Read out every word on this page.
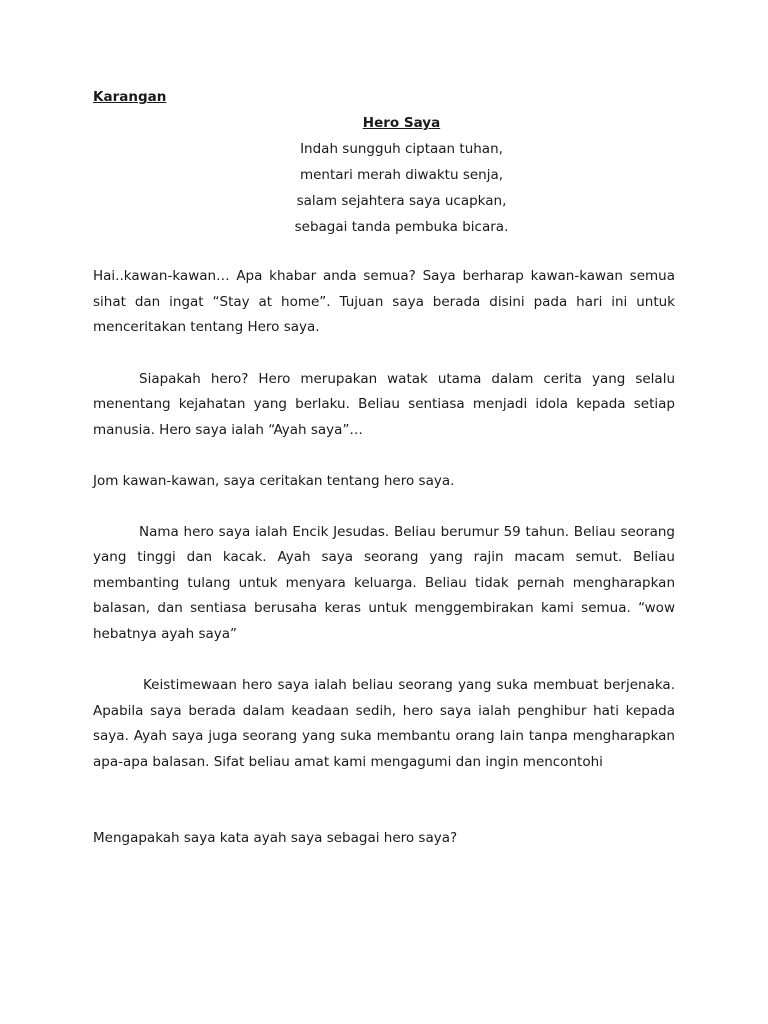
Karangan
Hero Saya
Indah sungguh ciptaan tuhan,
mentari merah diwaktu senja,
salam sejahtera saya ucapkan,
sebagai tanda pembuka bicara.

Hai..kawan-kawan… Apa khabar anda semua? Saya berharap kawan-kawan semua sihat dan ingat “Stay at home”. Tujuan saya berada disini pada hari ini untuk menceritakan tentang Hero saya.

Siapakah hero? Hero merupakan watak utama dalam cerita yang selalu menentang kejahatan yang berlaku. Beliau sentiasa menjadi idola kepada setiap manusia. Hero saya ialah “Ayah saya”…

Jom kawan-kawan, saya ceritakan tentang hero saya.

Nama hero saya ialah Encik Jesudas. Beliau berumur 59 tahun. Beliau seorang yang tinggi dan kacak. Ayah saya seorang yang rajin macam semut. Beliau membanting tulang untuk menyara keluarga. Beliau tidak pernah mengharapkan balasan, dan sentiasa berusaha keras untuk menggembirakan kami semua. “wow hebatnya ayah saya”

Keistimewaan hero saya ialah beliau seorang yang suka membuat berjenaka. Apabila saya berada dalam keadaan sedih, hero saya ialah penghibur hati kepada saya. Ayah saya juga seorang yang suka membantu orang lain tanpa mengharapkan apa-apa balasan. Sifat beliau amat kami mengagumi dan ingin mencontohi

Mengapakah saya kata ayah saya sebagai hero saya?
